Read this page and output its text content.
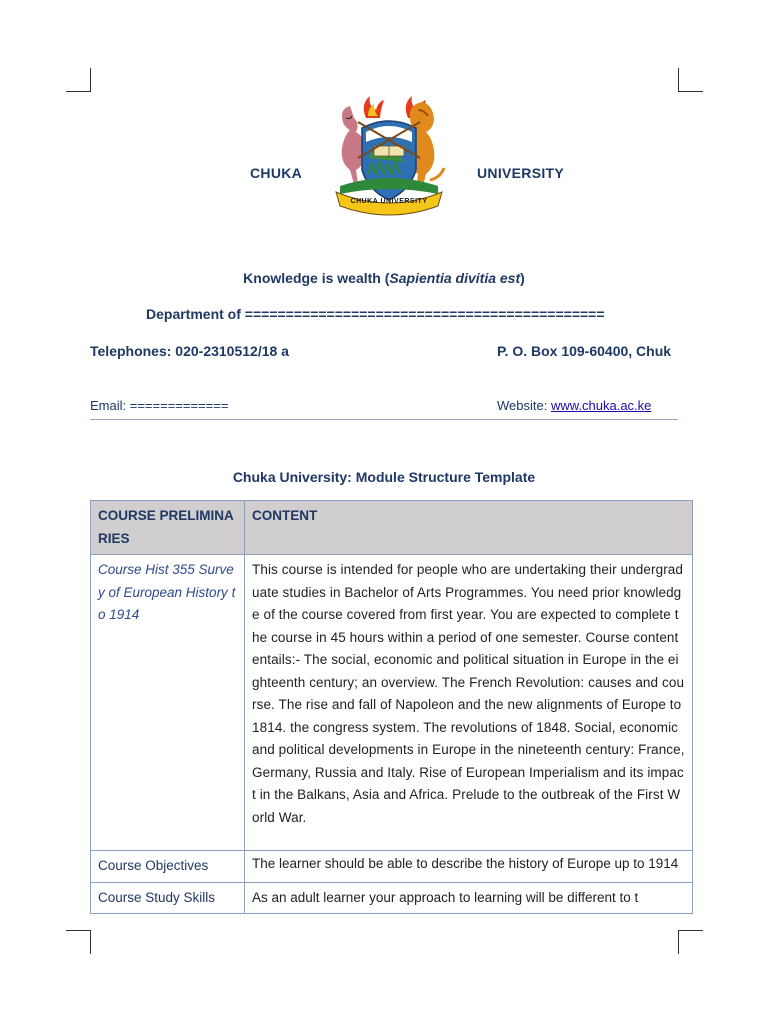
CHUKA
CHUKA UNIVERSITY
UNIVERSITY
Knowledge is wealth (Sapientia divitia est)
Department of ============================================
Telephones: 020-2310512/18 a	P. O. Box 109-60400, Chuk
Email: =============	Website: www.chuka.ac.ke
Chuka University: Module Structure Template
COURSE PRELIMINARIES	CONTENT

Course Hist 355 Survey of European History to 1914	This course is intended for people who are undertaking their undergraduate studies in Bachelor of Arts Programmes. You need prior knowledge of the course covered from first year. You are expected to complete the course in 45 hours within a period of one semester. Course content entails:- The social, economic and political situation in Europe in the eighteenth century; an overview. The French Revolution: causes and course. The rise and fall of Napoleon and the new alignments of Europe to 1814. the congress system. The revolutions of 1848. Social, economic and political developments in Europe in the nineteenth century: France, Germany, Russia and Italy. Rise of European Imperialism and its impact in the Balkans, Asia and Africa. Prelude to the outbreak of the First World War.

Course Objectives	The learner should be able to describe the history of Europe up to 1914

Course Study Skills	As an adult learner your approach to learning will be different to t
